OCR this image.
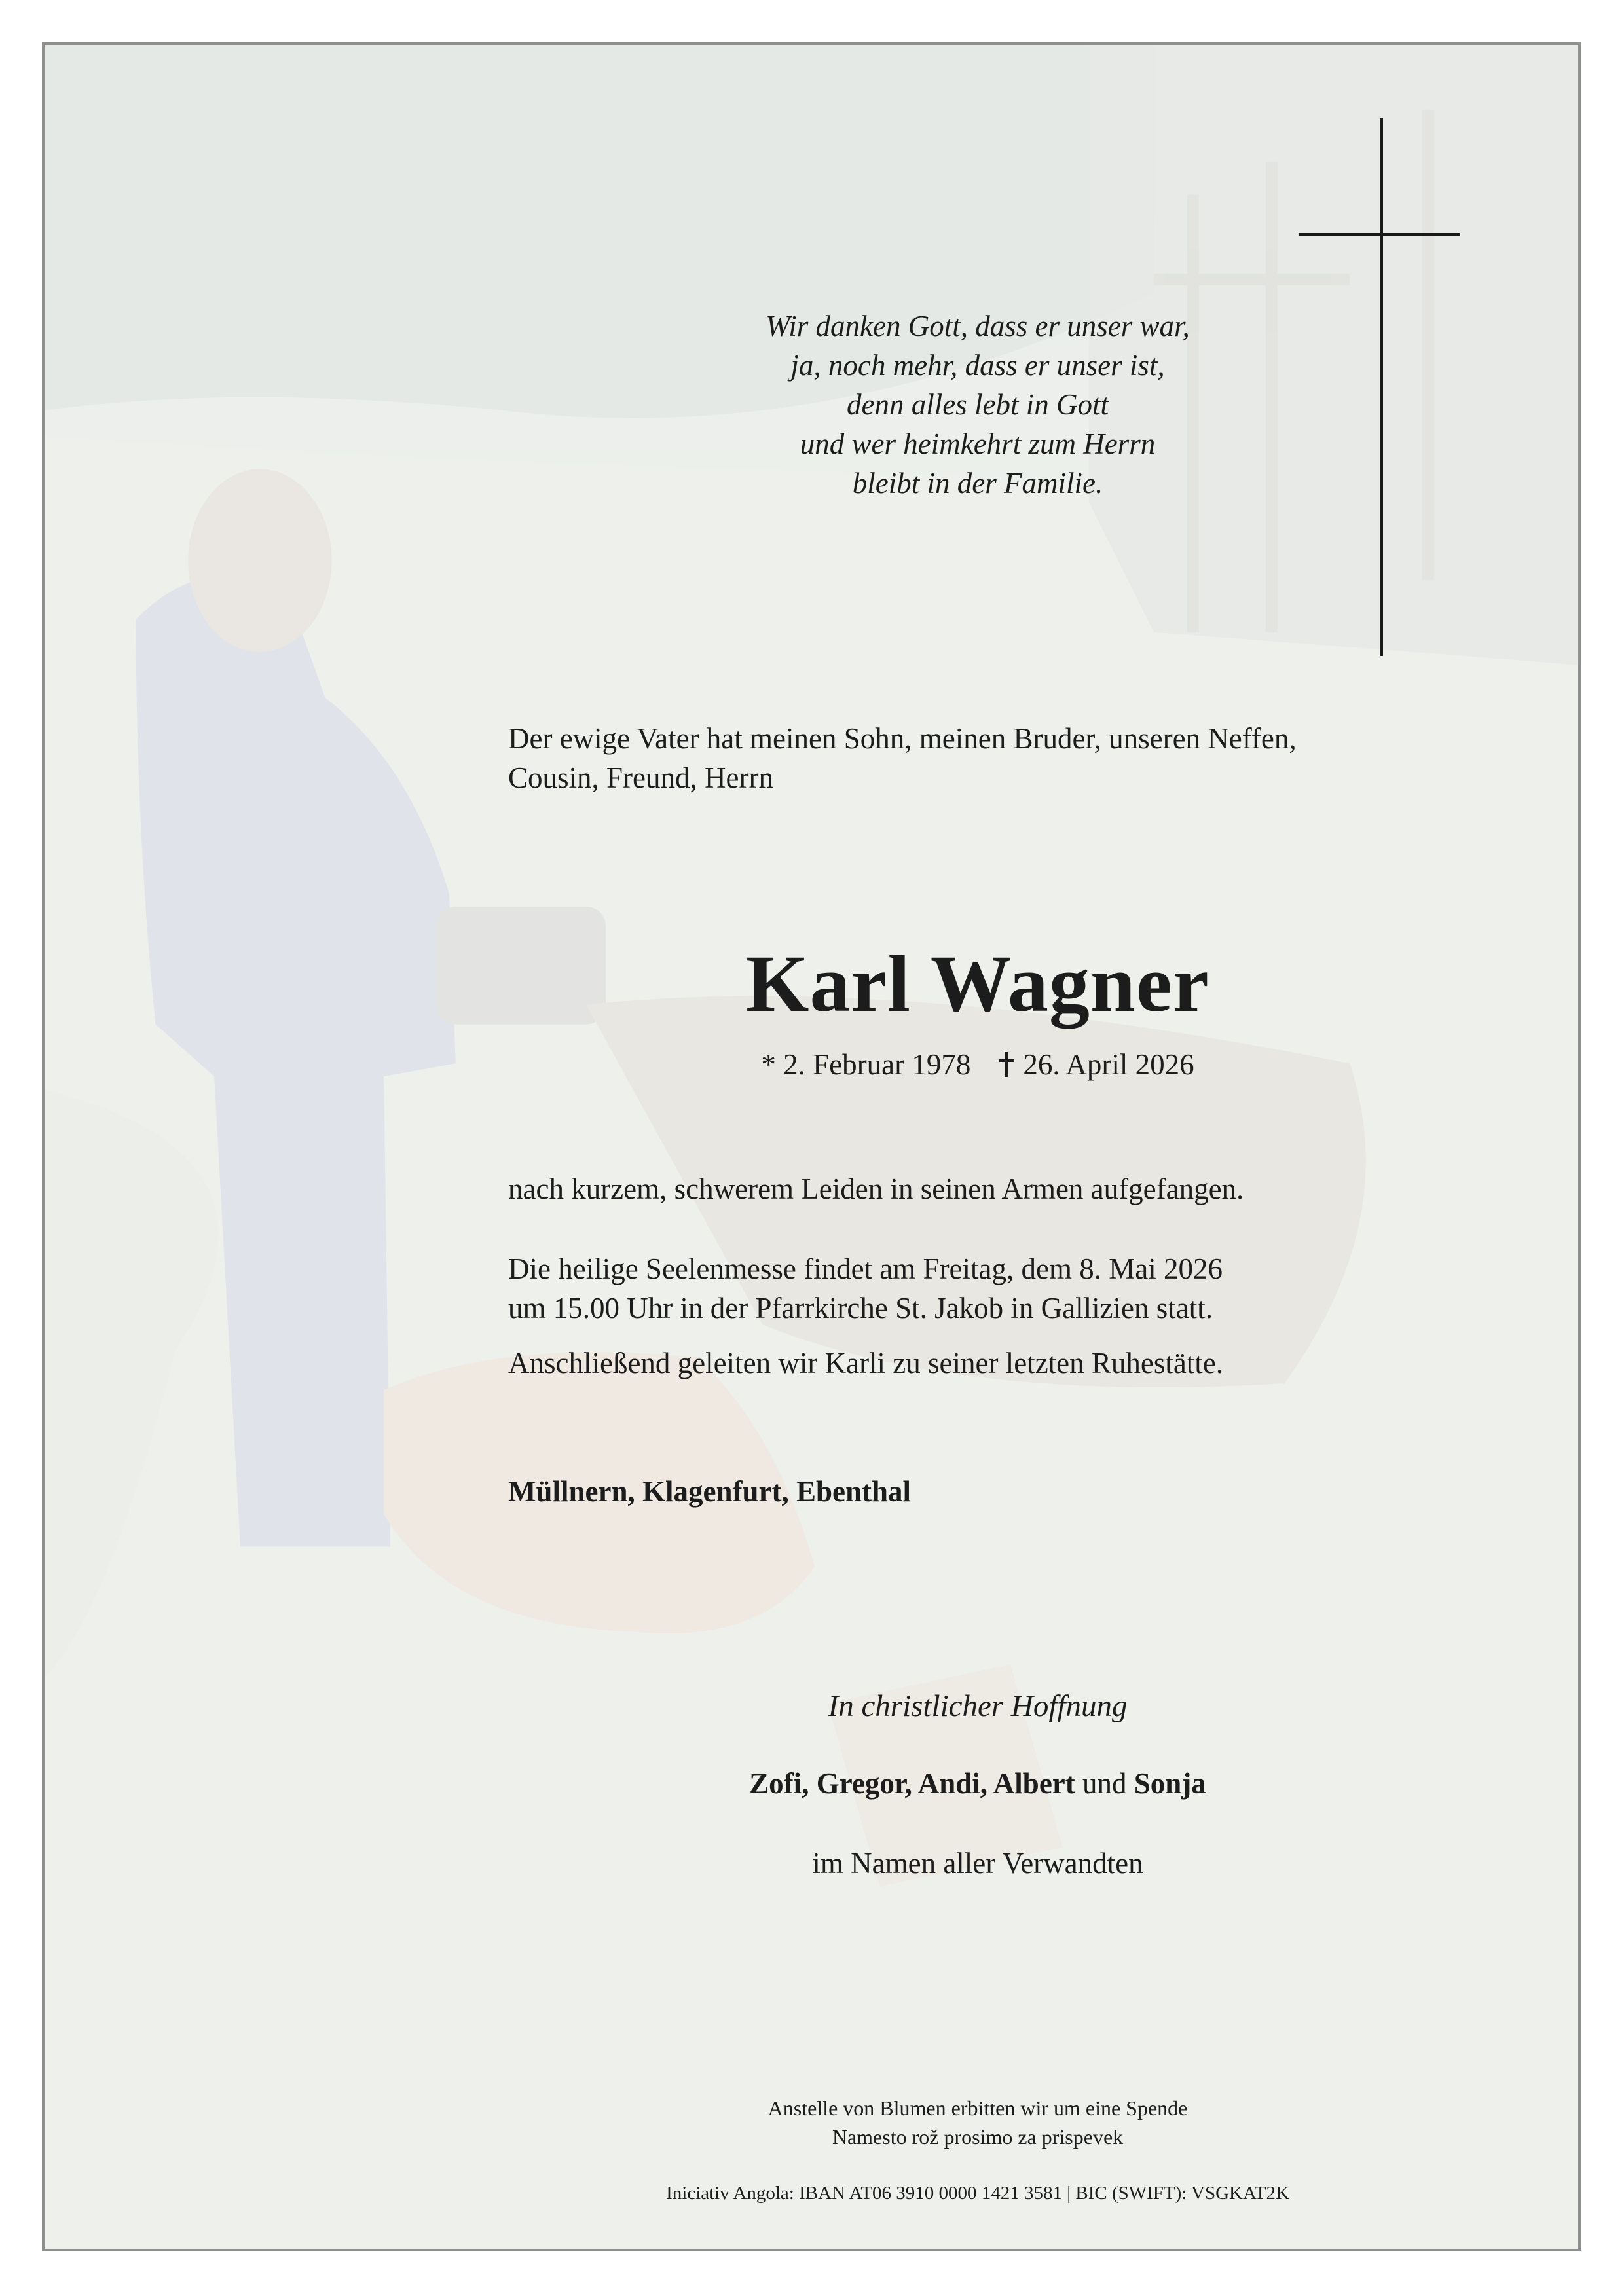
Wir danken Gott, dass er unser war,
ja, noch mehr, dass er unser ist,
denn alles lebt in Gott
und wer heimkehrt zum Herrn
bleibt in der Familie.
Der ewige Vater hat meinen Sohn, meinen Bruder, unseren Neffen,
Cousin, Freund, Herrn
Karl Wagner
* 2. Februar 1978 26. April 2026
nach kurzem, schwerem Leiden in seinen Armen aufgefangen.
Die heilige Seelenmesse findet am Freitag, dem 8. Mai 2026
um 15.00 Uhr in der Pfarrkirche St. Jakob in Gallizien statt.
Anschließend geleiten wir Karli zu seiner letzten Ruhestätte.
Müllnern, Klagenfurt, Ebenthal
In christlicher Hoffnung
Zofi, Gregor, Andi, Albert und Sonja
im Namen aller Verwandten
Anstelle von Blumen erbitten wir um eine Spende
Namesto rož prosimo za prispevek
Iniciativ Angola: IBAN AT06 3910 0000 1421 3581 | BIC (SWIFT): VSGKAT2K
